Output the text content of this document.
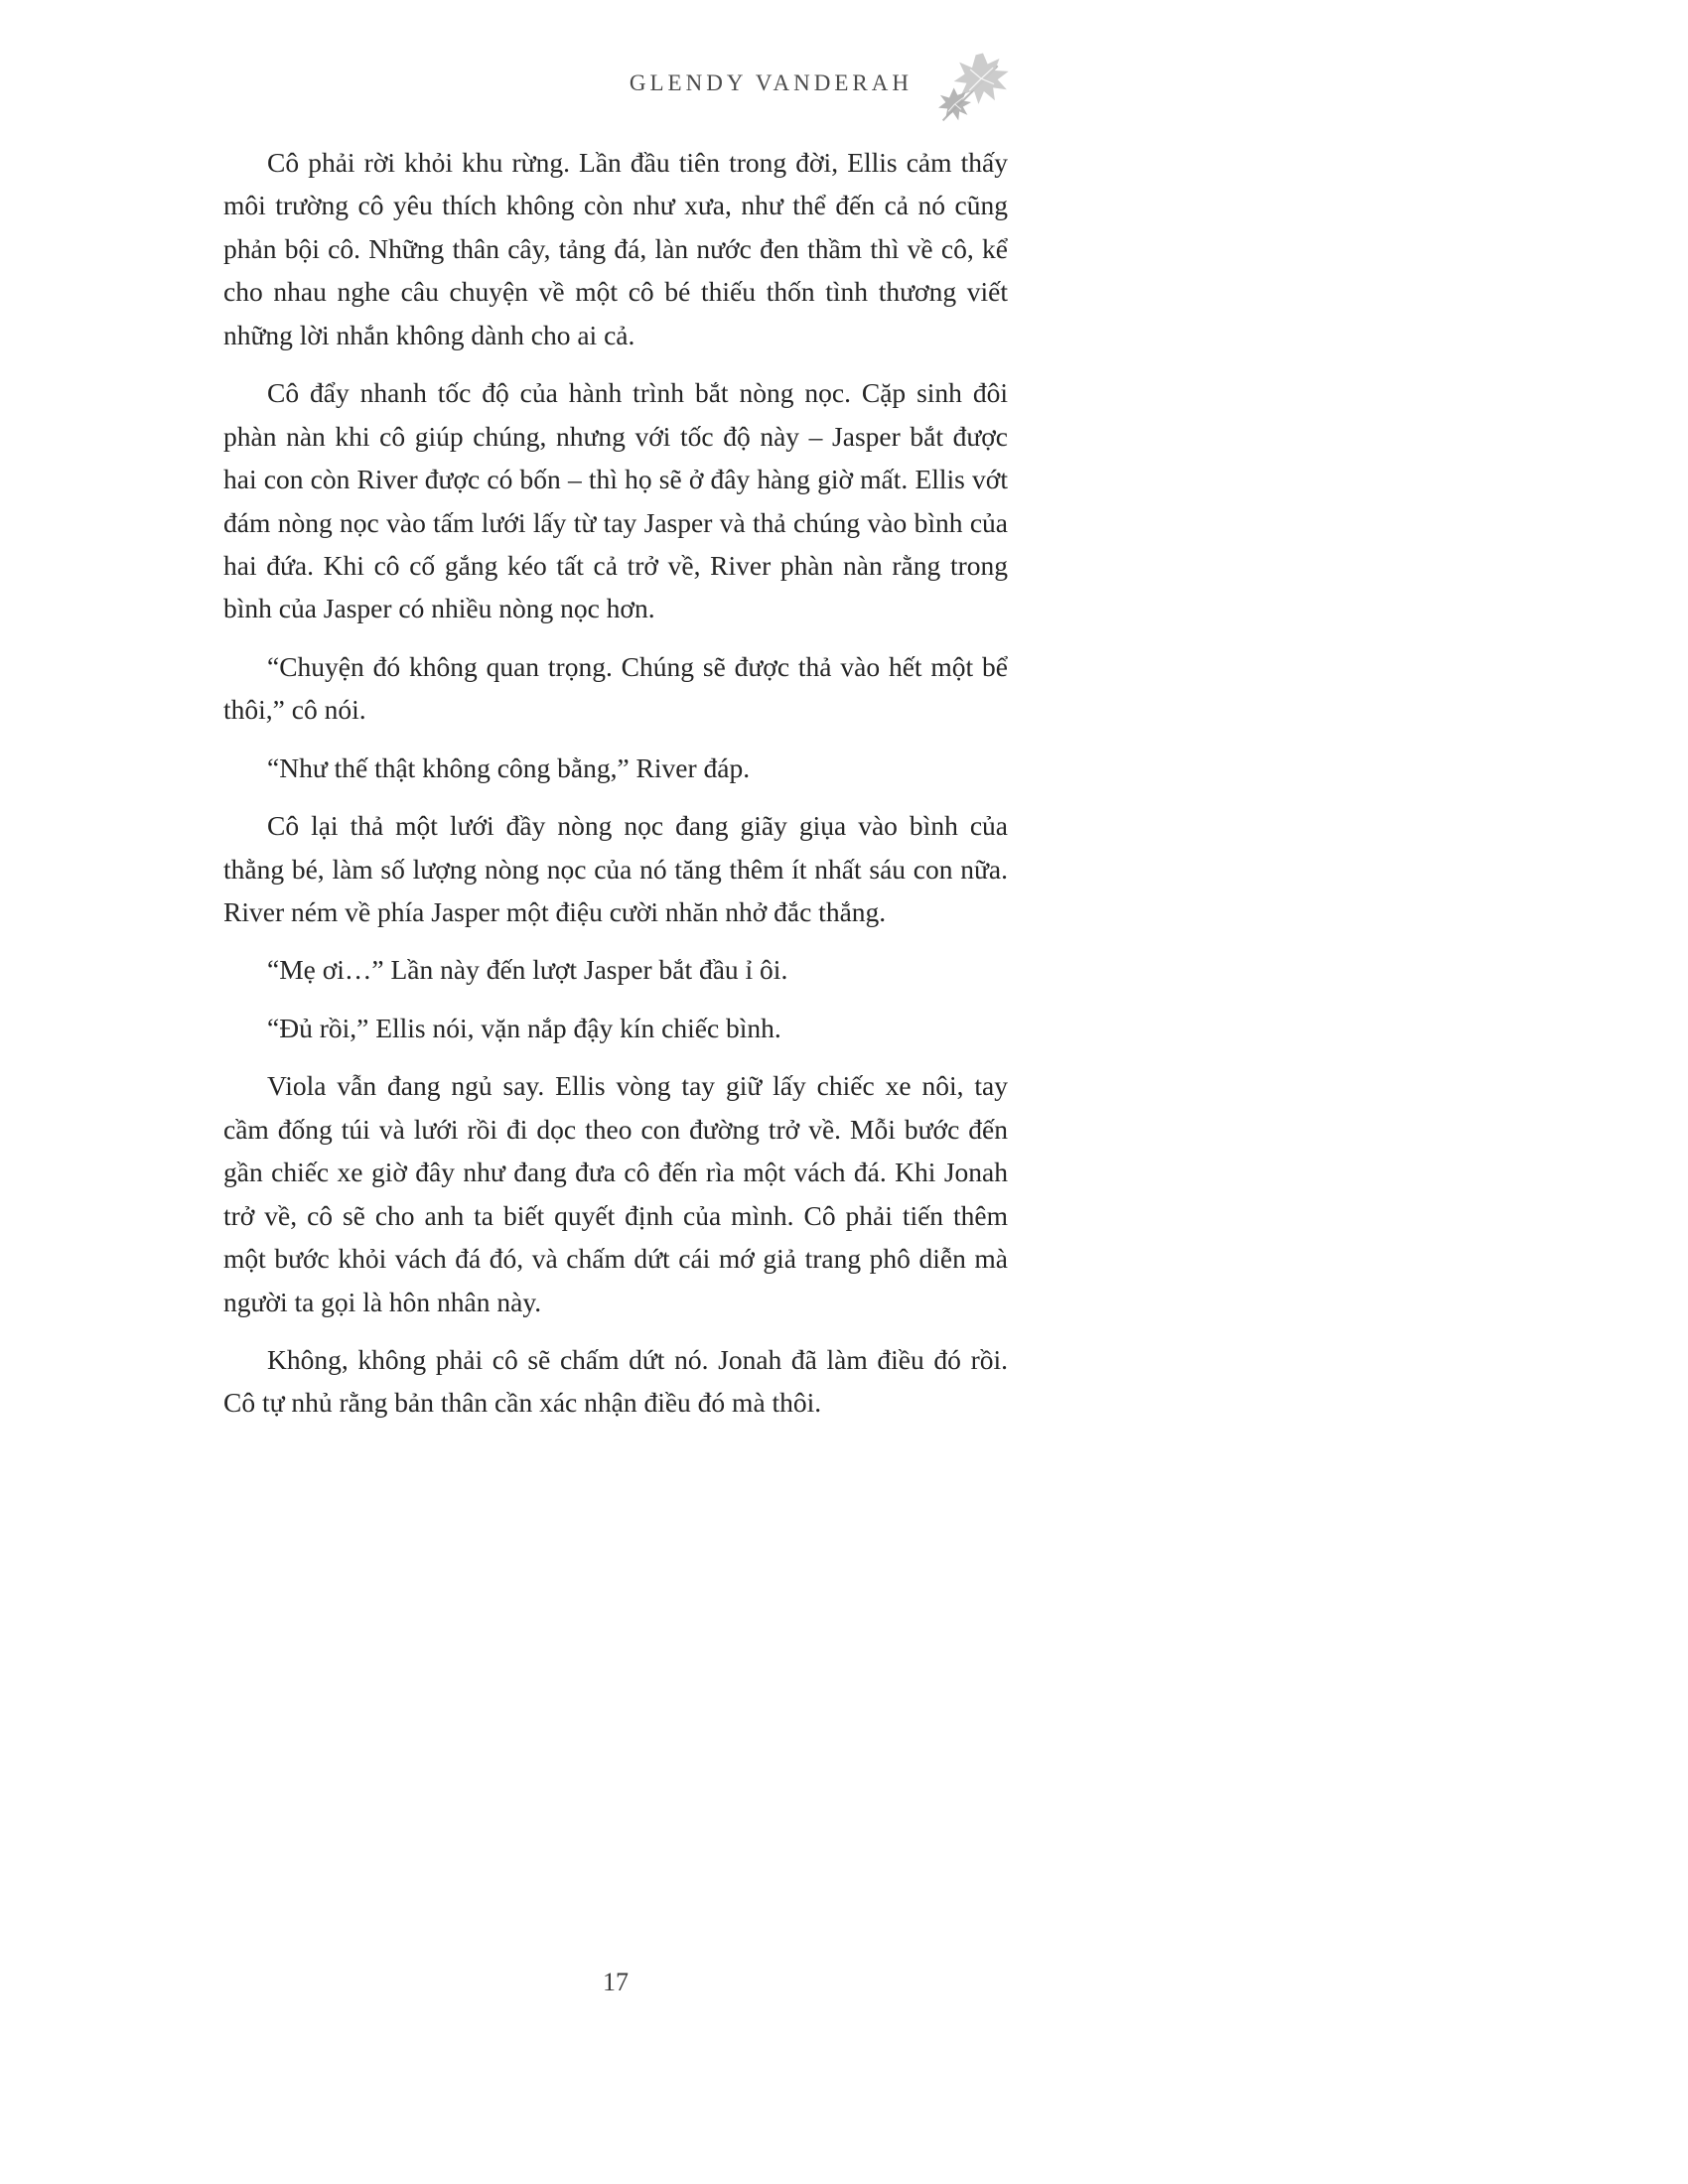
GLENDY VANDERAH

Cô phải rời khỏi khu rừng. Lần đầu tiên trong đời, Ellis cảm thấy môi trường cô yêu thích không còn như xưa, như thể đến cả nó cũng phản bội cô. Những thân cây, tảng đá, làn nước đen thầm thì về cô, kể cho nhau nghe câu chuyện về một cô bé thiếu thốn tình thương viết những lời nhắn không dành cho ai cả.

Cô đẩy nhanh tốc độ của hành trình bắt nòng nọc. Cặp sinh đôi phàn nàn khi cô giúp chúng, nhưng với tốc độ này – Jasper bắt được hai con còn River được có bốn – thì họ sẽ ở đây hàng giờ mất. Ellis vớt đám nòng nọc vào tấm lưới lấy từ tay Jasper và thả chúng vào bình của hai đứa. Khi cô cố gắng kéo tất cả trở về, River phàn nàn rằng trong bình của Jasper có nhiều nòng nọc hơn.

“Chuyện đó không quan trọng. Chúng sẽ được thả vào hết một bể thôi,” cô nói.

“Như thế thật không công bằng,” River đáp.

Cô lại thả một lưới đầy nòng nọc đang giãy giụa vào bình của thằng bé, làm số lượng nòng nọc của nó tăng thêm ít nhất sáu con nữa. River ném về phía Jasper một điệu cười nhăn nhở đắc thắng.

“Mẹ ơi…” Lần này đến lượt Jasper bắt đầu ỉ ôi.

“Đủ rồi,” Ellis nói, vặn nắp đậy kín chiếc bình.

Viola vẫn đang ngủ say. Ellis vòng tay giữ lấy chiếc xe nôi, tay cầm đống túi và lưới rồi đi dọc theo con đường trở về. Mỗi bước đến gần chiếc xe giờ đây như đang đưa cô đến rìa một vách đá. Khi Jonah trở về, cô sẽ cho anh ta biết quyết định của mình. Cô phải tiến thêm một bước khỏi vách đá đó, và chấm dứt cái mớ giả trang phô diễn mà người ta gọi là hôn nhân này.

Không, không phải cô sẽ chấm dứt nó. Jonah đã làm điều đó rồi. Cô tự nhủ rằng bản thân cần xác nhận điều đó mà thôi.

17
